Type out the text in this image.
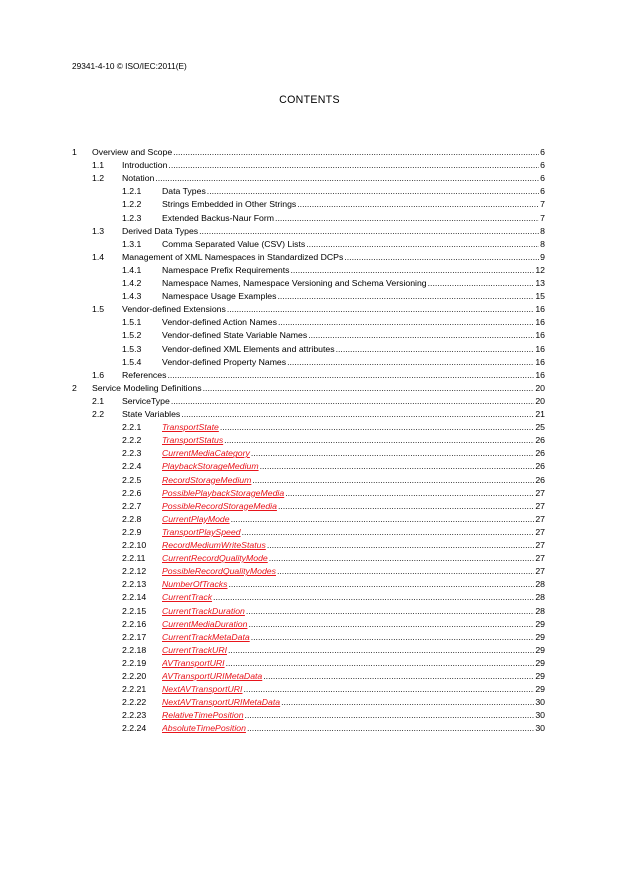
29341-4-10 © ISO/IEC:2011(E)
CONTENTS
1 Overview and Scope .....	6
1.1 Introduction .....	6
1.2 Notation .....	6
1.2.1 Data Types .....	6
1.2.2 Strings Embedded in Other Strings .....	7
1.2.3 Extended Backus-Naur Form .....	7
1.3 Derived Data Types .....	8
1.3.1 Comma Separated Value (CSV) Lists .....	8
1.4 Management of XML Namespaces in Standardized DCPs .....	9
1.4.1 Namespace Prefix Requirements .....	12
1.4.2 Namespace Names, Namespace Versioning and Schema Versioning .....	13
1.4.3 Namespace Usage Examples .....	15
1.5 Vendor-defined Extensions .....	16
1.5.1 Vendor-defined Action Names .....	16
1.5.2 Vendor-defined State Variable Names .....	16
1.5.3 Vendor-defined XML Elements and attributes .....	16
1.5.4 Vendor-defined Property Names .....	16
1.6 References .....	16
2 Service Modeling Definitions .....	20
2.1 ServiceType .....	20
2.2 State Variables .....	21
2.2.1 TransportState .....	25
2.2.2 TransportStatus .....	26
2.2.3 CurrentMediaCategory .....	26
2.2.4 PlaybackStorageMedium .....	26
2.2.5 RecordStorageMedium .....	26
2.2.6 PossiblePlaybackStorageMedia .....	27
2.2.7 PossibleRecordStorageMedia .....	27
2.2.8 CurrentPlayMode .....	27
2.2.9 TransportPlaySpeed .....	27
2.2.10 RecordMediumWriteStatus .....	27
2.2.11 CurrentRecordQualityMode .....	27
2.2.12 PossibleRecordQualityModes .....	27
2.2.13 NumberOfTracks .....	28
2.2.14 CurrentTrack .....	28
2.2.15 CurrentTrackDuration .....	28
2.2.16 CurrentMediaDuration .....	29
2.2.17 CurrentTrackMetaData .....	29
2.2.18 CurrentTrackURI .....	29
2.2.19 AVTransportURI .....	29
2.2.20 AVTransportURIMetaData .....	29
2.2.21 NextAVTransportURI .....	29
2.2.22 NextAVTransportURIMetaData .....	30
2.2.23 RelativeTimePosition .....	30
2.2.24 AbsoluteTimePosition .....	30
